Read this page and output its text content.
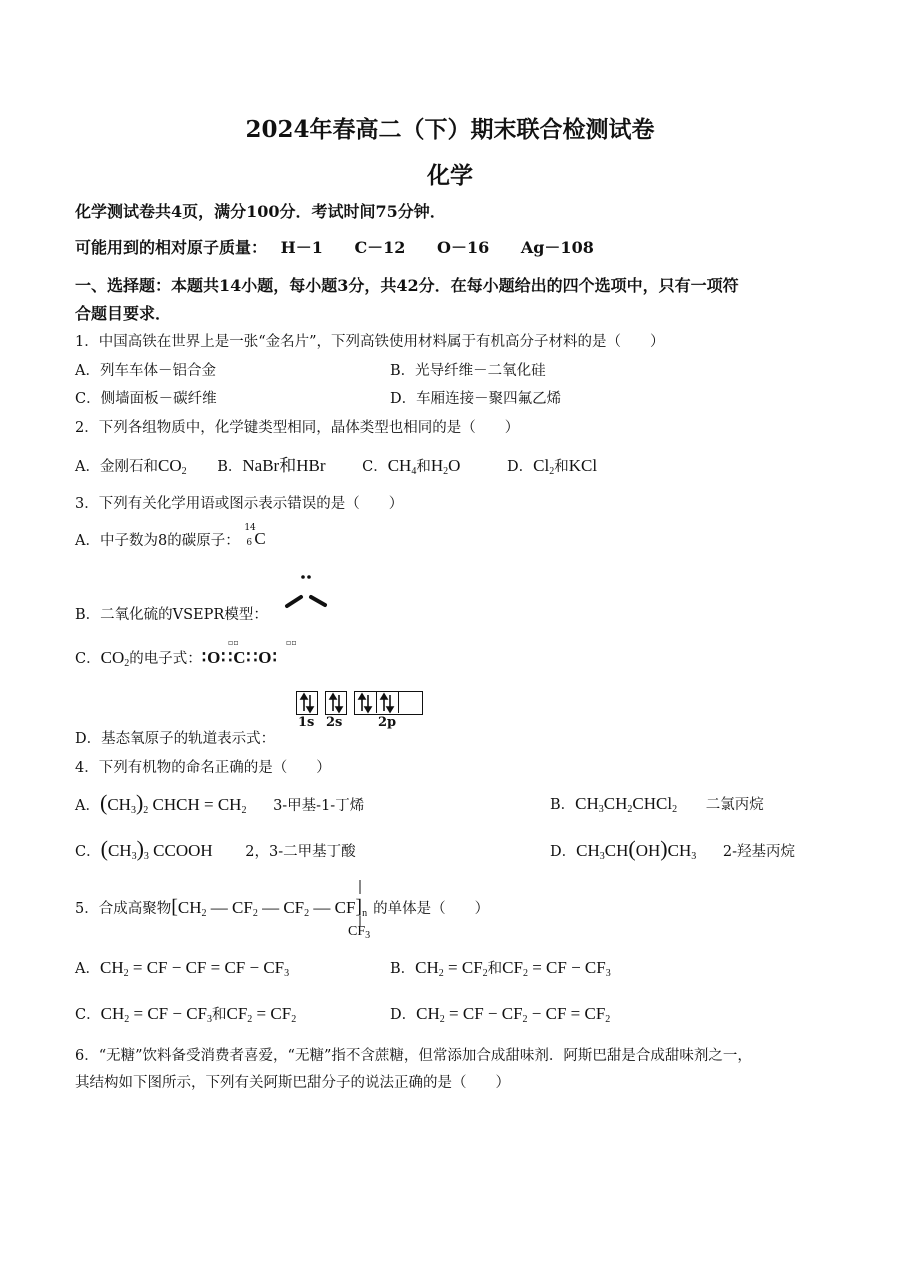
2024年春高二（下）期末联合检测试卷
化学
化学测试卷共4页，满分100分．考试时间75分钟．
可能用到的相对原子质量： H－1 C－12 O－16 Ag－108
一、选择题：本题共14小题，每小题3分，共42分．在每小题给出的四个选项中，只有一项符
合题目要求．
1．中国高铁在世界上是一张“金名片”，下列高铁使用材料属于有机高分子材料的是（　　）
A．列车车体－铝合金	B．光导纤维－二氧化硅
C．侧墙面板－碳纤维	D．车厢连接－聚四氟乙烯
2．下列各组物质中，化学键类型相同，晶体类型也相同的是（　　）
A．金刚石和$CO_2$ B．NaBr和HBr	C．$CH_4$和$H_2O$	D．$Cl_2$和KCl
3．下列有关化学用语或图示表示错误的是（　　）
A．中子数为8的碳原子：
14
6 C
B．二氧化硫的VSEPR模型：
C．$CO_2$的电子式：∶O∷C∷O∶
▫▫	▫▫
1s 2s	2p
D．基态氧原子的轨道表示式：
4．下列有机物的命名正确的是（　　）
A．$(CH_3)_2$ CHCH = $CH_2$ 3-甲基-1-丁烯	B．$CH_3CH_2CHCl_2$ 二氯丙烷
C．$(CH_3)_3$ CCOOH 2，3-二甲基丁酸	D．$CH_3CH(OH)CH_3$ 2-羟基丙烷
5．合成高聚物[$CH_2$ — $CF_2$ — $CF_2$ — $CF]_n$ 的单体是（　　）
$CF_3$
A．$CH_2$ = CF − CF = CF − $CF_3$	B．$CH_2 = CF_2$和$CF_2$ = CF − $CF_3$
C．$CH_2$ = CF − $CF_3$和$CF_2 = CF_2$	D．$CH_2$ = CF − $CF_2$ − CF = $CF_2$
6．“无糖”饮料备受消费者喜爱，“无糖”指不含蔗糖，但常添加合成甜味剂．阿斯巴甜是合成甜味剂之一，
其结构如下图所示，下列有关阿斯巴甜分子的说法正确的是（　　）
